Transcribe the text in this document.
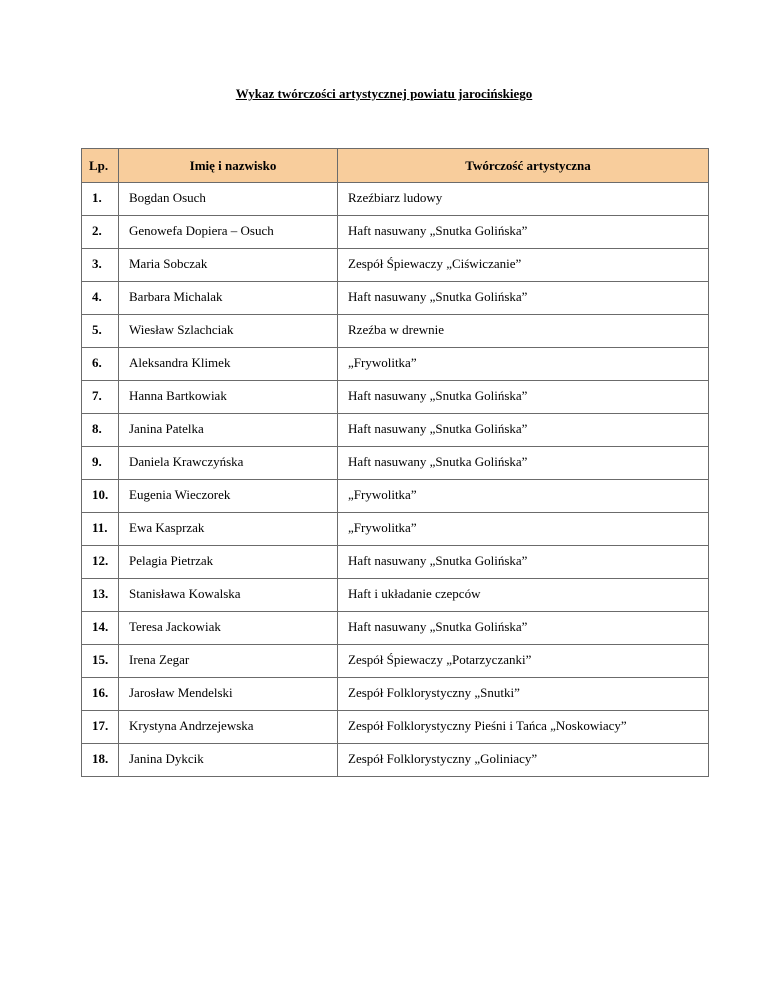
Wykaz twórczości artystycznej powiatu jarocińskiego
Lp.	Imię i nazwisko	Twórczość artystyczna
1.	Bogdan Osuch	Rzeźbiarz ludowy
2.	Genowefa Dopiera – Osuch	Haft nasuwany „Snutka Golińska”
3.	Maria Sobczak	Zespół Śpiewaczy „Ciświczanie”
4.	Barbara Michalak	Haft nasuwany „Snutka Golińska”
5.	Wiesław Szlachciak	Rzeźba w drewnie
6.	Aleksandra Klimek	„Frywolitka”
7.	Hanna Bartkowiak	Haft nasuwany „Snutka Golińska”
8.	Janina Patelka	Haft nasuwany „Snutka Golińska”
9.	Daniela Krawczyńska	Haft nasuwany „Snutka Golińska”
10.	Eugenia Wieczorek	„Frywolitka”
11.	Ewa Kasprzak	„Frywolitka”
12.	Pelagia Pietrzak	Haft nasuwany „Snutka Golińska”
13.	Stanisława Kowalska	Haft i układanie czepców
14.	Teresa Jackowiak	Haft nasuwany „Snutka Golińska”
15.	Irena Zegar	Zespół Śpiewaczy „Potarzyczanki”
16.	Jarosław Mendelski	Zespół Folklorystyczny „Snutki”
17.	Krystyna Andrzejewska	Zespół Folklorystyczny Pieśni i Tańca „Noskowiacy”
18.	Janina Dykcik	Zespół Folklorystyczny „Goliniacy”
